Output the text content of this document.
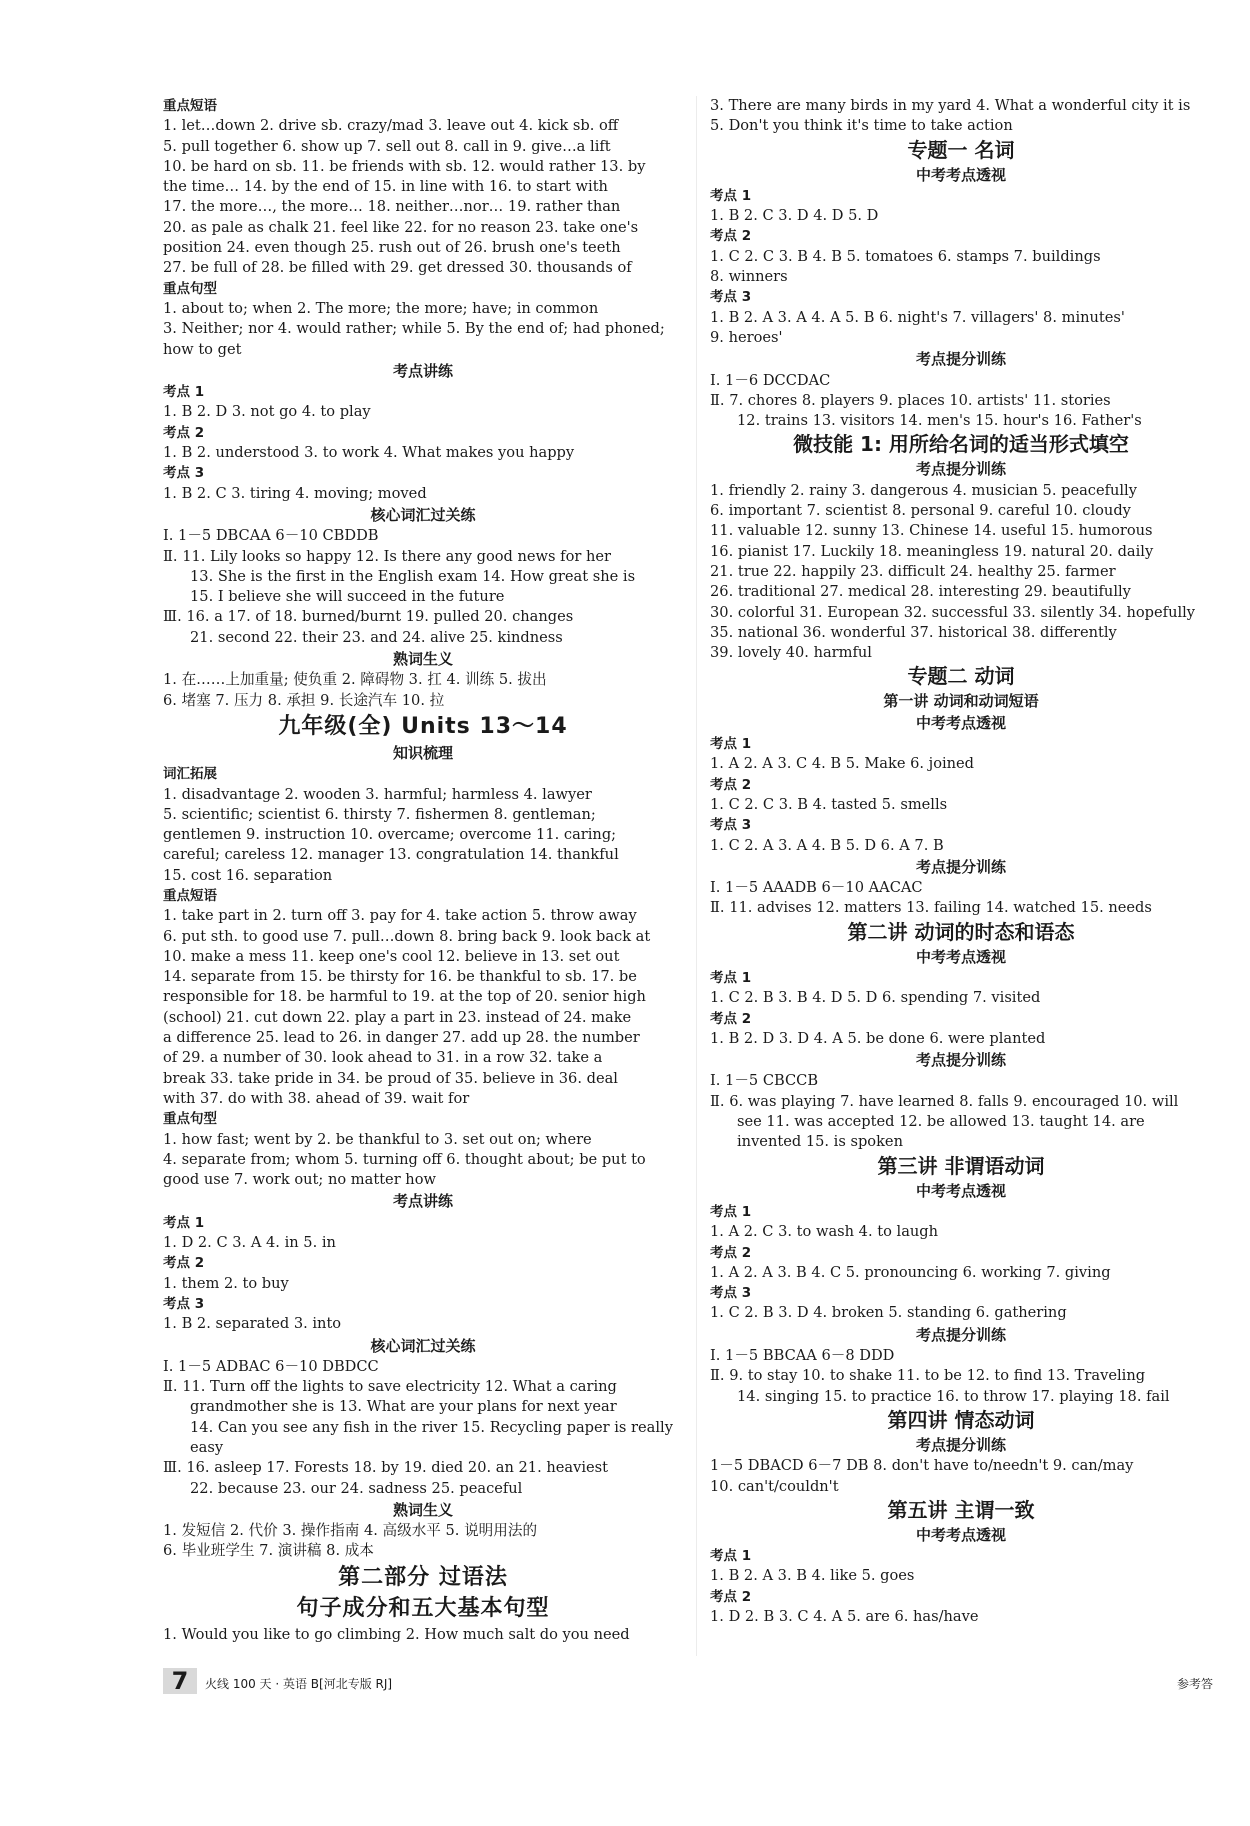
重点短语
1. let…down 2. drive sb. crazy/mad 3. leave out 4. kick sb. off
5. pull together 6. show up 7. sell out 8. call in 9. give…a lift
10. be hard on sb. 11. be friends with sb. 12. would rather 13. by
the time… 14. by the end of 15. in line with 16. to start with
17. the more…, the more… 18. neither…nor… 19. rather than
20. as pale as chalk 21. feel like 22. for no reason 23. take one's
position 24. even though 25. rush out of 26. brush one's teeth
27. be full of 28. be filled with 29. get dressed 30. thousands of
重点句型
1. about to; when 2. The more; the more; have; in common
3. Neither; nor 4. would rather; while 5. By the end of; had phoned;
how to get
考点讲练
考点 1
1. B 2. D 3. not go 4. to play
考点 2
1. B 2. understood 3. to work 4. What makes you happy
考点 3
1. B 2. C 3. tiring 4. moving; moved
核心词汇过关练
Ⅰ. 1－5 DBCAA 6－10 CBDDB
Ⅱ. 11. Lily looks so happy 12. Is there any good news for her
13. She is the first in the English exam 14. How great she is
15. I believe she will succeed in the future
Ⅲ. 16. a 17. of 18. burned/burnt 19. pulled 20. changes
21. second 22. their 23. and 24. alive 25. kindness
熟词生义
1. 在……上加重量; 使负重 2. 障碍物 3. 扛 4. 训练 5. 拔出
6. 堵塞 7. 压力 8. 承担 9. 长途汽车 10. 拉
九年级(全) Units 13～14
知识梳理
词汇拓展
1. disadvantage 2. wooden 3. harmful; harmless 4. lawyer
5. scientific; scientist 6. thirsty 7. fishermen 8. gentleman;
gentlemen 9. instruction 10. overcame; overcome 11. caring;
careful; careless 12. manager 13. congratulation 14. thankful
15. cost 16. separation
重点短语
1. take part in 2. turn off 3. pay for 4. take action 5. throw away
6. put sth. to good use 7. pull…down 8. bring back 9. look back at
10. make a mess 11. keep one's cool 12. believe in 13. set out
14. separate from 15. be thirsty for 16. be thankful to sb. 17. be
responsible for 18. be harmful to 19. at the top of 20. senior high
(school) 21. cut down 22. play a part in 23. instead of 24. make
a difference 25. lead to 26. in danger 27. add up 28. the number
of 29. a number of 30. look ahead to 31. in a row 32. take a
break 33. take pride in 34. be proud of 35. believe in 36. deal
with 37. do with 38. ahead of 39. wait for
重点句型
1. how fast; went by 2. be thankful to 3. set out on; where
4. separate from; whom 5. turning off 6. thought about; be put to
good use 7. work out; no matter how
考点讲练
考点 1
1. D 2. C 3. A 4. in 5. in
考点 2
1. them 2. to buy
考点 3
1. B 2. separated 3. into
核心词汇过关练
Ⅰ. 1－5 ADBAC 6－10 DBDCC
Ⅱ. 11. Turn off the lights to save electricity 12. What a caring
grandmother she is 13. What are your plans for next year
14. Can you see any fish in the river 15. Recycling paper is really
easy
Ⅲ. 16. asleep 17. Forests 18. by 19. died 20. an 21. heaviest
22. because 23. our 24. sadness 25. peaceful
熟词生义
1. 发短信 2. 代价 3. 操作指南 4. 高级水平 5. 说明用法的
6. 毕业班学生 7. 演讲稿 8. 成本
第二部分 过语法
句子成分和五大基本句型
1. Would you like to go climbing 2. How much salt do you need
3. There are many birds in my yard 4. What a wonderful city it is
5. Don't you think it's time to take action
专题一 名词
中考考点透视
考点 1
1. B 2. C 3. D 4. D 5. D
考点 2
1. C 2. C 3. B 4. B 5. tomatoes 6. stamps 7. buildings
8. winners
考点 3
1. B 2. A 3. A 4. A 5. B 6. night's 7. villagers' 8. minutes'
9. heroes'
考点提分训练
Ⅰ. 1－6 DCCDAC
Ⅱ. 7. chores 8. players 9. places 10. artists' 11. stories
12. trains 13. visitors 14. men's 15. hour's 16. Father's
微技能 1: 用所给名词的适当形式填空
考点提分训练
1. friendly 2. rainy 3. dangerous 4. musician 5. peacefully
6. important 7. scientist 8. personal 9. careful 10. cloudy
11. valuable 12. sunny 13. Chinese 14. useful 15. humorous
16. pianist 17. Luckily 18. meaningless 19. natural 20. daily
21. true 22. happily 23. difficult 24. healthy 25. farmer
26. traditional 27. medical 28. interesting 29. beautifully
30. colorful 31. European 32. successful 33. silently 34. hopefully
35. national 36. wonderful 37. historical 38. differently
39. lovely 40. harmful
专题二 动词
第一讲 动词和动词短语
中考考点透视
考点 1
1. A 2. A 3. C 4. B 5. Make 6. joined
考点 2
1. C 2. C 3. B 4. tasted 5. smells
考点 3
1. C 2. A 3. A 4. B 5. D 6. A 7. B
考点提分训练
Ⅰ. 1－5 AAADB 6－10 AACAC
Ⅱ. 11. advises 12. matters 13. failing 14. watched 15. needs
第二讲 动词的时态和语态
中考考点透视
考点 1
1. C 2. B 3. B 4. D 5. D 6. spending 7. visited
考点 2
1. B 2. D 3. D 4. A 5. be done 6. were planted
考点提分训练
Ⅰ. 1－5 CBCCB
Ⅱ. 6. was playing 7. have learned 8. falls 9. encouraged 10. will
see 11. was accepted 12. be allowed 13. taught 14. are
invented 15. is spoken
第三讲 非谓语动词
中考考点透视
考点 1
1. A 2. C 3. to wash 4. to laugh
考点 2
1. A 2. A 3. B 4. C 5. pronouncing 6. working 7. giving
考点 3
1. C 2. B 3. D 4. broken 5. standing 6. gathering
考点提分训练
Ⅰ. 1－5 BBCAA 6－8 DDD
Ⅱ. 9. to stay 10. to shake 11. to be 12. to find 13. Traveling
14. singing 15. to practice 16. to throw 17. playing 18. fail
第四讲 情态动词
考点提分训练
1－5 DBACD 6－7 DB 8. don't have to/needn't 9. can/may
10. can't/couldn't
第五讲 主谓一致
中考考点透视
考点 1
1. B 2. A 3. B 4. like 5. goes
考点 2
1. D 2. B 3. C 4. A 5. are 6. has/have
7	火线 100 天 · 英语 B[河北专版 RJ]	参考答
